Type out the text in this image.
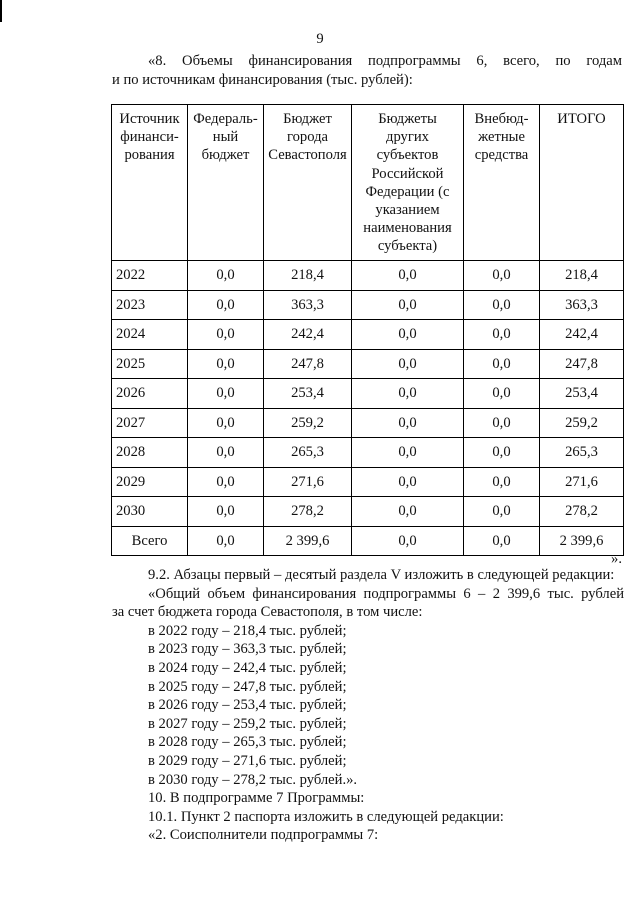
9
«8. Объемы финансирования подпрограммы 6, всего, по годам
и по источникам финансирования (тыс. рублей):
Источник финанси-рования	Федераль-ный бюджет	Бюджет города Севастополя	Бюджеты других субъектов Российской Федерации (с указанием наименования субъекта)	Внебюд-жетные средства	ИТОГО
2022	0,0	218,4	0,0	0,0	218,4
2023	0,0	363,3	0,0	0,0	363,3
2024	0,0	242,4	0,0	0,0	242,4
2025	0,0	247,8	0,0	0,0	247,8
2026	0,0	253,4	0,0	0,0	253,4
2027	0,0	259,2	0,0	0,0	259,2
2028	0,0	265,3	0,0	0,0	265,3
2029	0,0	271,6	0,0	0,0	271,6
2030	0,0	278,2	0,0	0,0	278,2
Всего	0,0	2 399,6	0,0	0,0	2 399,6
».

9.2. Абзацы первый – десятый раздела V изложить в следующей редакции:

«Общий объем финансирования подпрограммы 6 – 2 399,6 тыс. рублей

за счет бюджета города Севастополя, в том числе:

в 2022 году – 218,4 тыс. рублей;

в 2023 году – 363,3 тыс. рублей;

в 2024 году – 242,4 тыс. рублей;

в 2025 году – 247,8 тыс. рублей;

в 2026 году – 253,4 тыс. рублей;

в 2027 году – 259,2 тыс. рублей;

в 2028 году – 265,3 тыс. рублей;

в 2029 году – 271,6 тыс. рублей;

в 2030 году – 278,2 тыс. рублей.».

10. В подпрограмме 7 Программы:

10.1. Пункт 2 паспорта изложить в следующей редакции:

«2. Соисполнители подпрограммы 7:
